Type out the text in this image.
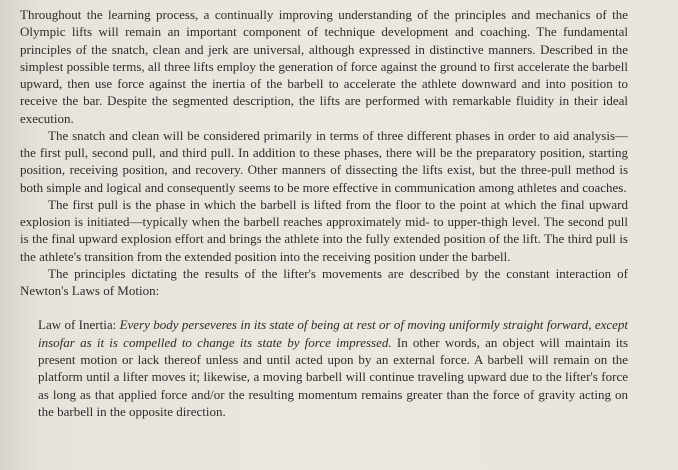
Throughout the learning process, a continually improving understanding of the principles and mechanics of the Olympic lifts will remain an important component of technique development and coaching. The fundamental principles of the snatch, clean and jerk are universal, although expressed in distinctive manners. Described in the simplest possible terms, all three lifts employ the generation of force against the ground to first accelerate the barbell upward, then use force against the inertia of the barbell to accelerate the athlete downward and into position to receive the bar. Despite the segmented description, the lifts are performed with remarkable fluidity in their ideal execution.

The snatch and clean will be considered primarily in terms of three different phases in order to aid analysis—the first pull, second pull, and third pull. In addition to these phases, there will be the preparatory position, starting position, receiving position, and recovery. Other manners of dissecting the lifts exist, but the three-pull method is both simple and logical and consequently seems to be more effective in communication among athletes and coaches.

The first pull is the phase in which the barbell is lifted from the floor to the point at which the final upward explosion is initiated—typically when the barbell reaches approximately mid- to upper-thigh level. The second pull is the final upward explosion effort and brings the athlete into the fully extended position of the lift. The third pull is the athlete's transition from the extended position into the receiving position under the barbell.

The principles dictating the results of the lifter's movements are described by the constant interaction of Newton's Laws of Motion:

Law of Inertia: Every body perseveres in its state of being at rest or of moving uniformly straight forward, except insofar as it is compelled to change its state by force impressed. In other words, an object will maintain its present motion or lack thereof unless and until acted upon by an external force. A barbell will remain on the platform until a lifter moves it; likewise, a moving barbell will continue traveling upward due to the lifter's force as long as that applied force and/or the resulting momentum remains greater than the force of gravity acting on the barbell in the opposite direction.
